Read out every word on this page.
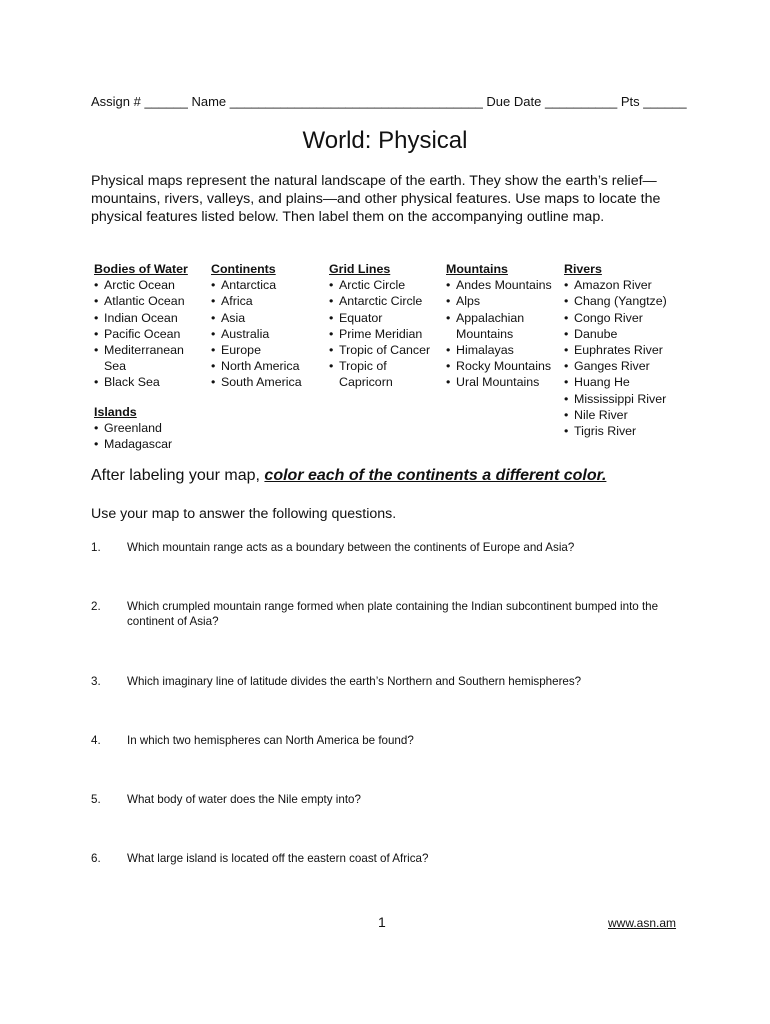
Assign # ______ Name ___________________________________ Due Date __________ Pts ______
World: Physical
Physical maps represent the natural landscape of the earth. They show the earth’s relief—mountains, rivers, valleys, and plains—and other physical features. Use maps to locate the physical features listed below. Then label them on the accompanying outline map.
Bodies of Water
• Arctic Ocean
• Atlantic Ocean
• Indian Ocean
• Pacific Ocean
• Mediterranean Sea
• Black Sea
Islands
• Greenland
• Madagascar
Continents
• Antarctica
• Africa
• Asia
• Australia
• Europe
• North America
• South America
Grid Lines
• Arctic Circle
• Antarctic Circle
• Equator
• Prime Meridian
• Tropic of Cancer
• Tropic of Capricorn
Mountains
• Andes Mountains
• Alps
• Appalachian Mountains
• Himalayas
• Rocky Mountains
• Ural Mountains
Rivers
• Amazon River
• Chang (Yangtze)
• Congo River
• Danube
• Euphrates River
• Ganges River
• Huang He
• Mississippi River
• Nile River
• Tigris River
After labeling your map, color each of the continents a different color.
Use your map to answer the following questions.
1. Which mountain range acts as a boundary between the continents of Europe and Asia?
2. Which crumpled mountain range formed when plate containing the Indian subcontinent bumped into the continent of Asia?
3. Which imaginary line of latitude divides the earth’s Northern and Southern hemispheres?
4. In which two hemispheres can North America be found?
5. What body of water does the Nile empty into?
6. What large island is located off the eastern coast of Africa?
1	www.asn.am
